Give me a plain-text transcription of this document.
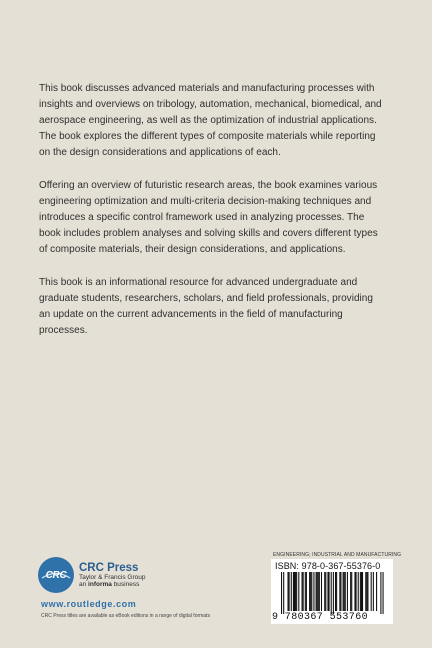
This book discusses advanced materials and manufacturing processes with insights and overviews on tribology, automation, mechanical, biomedical, and aerospace engineering, as well as the optimization of industrial applications. The book explores the different types of composite materials while reporting on the design considerations and applications of each.

Offering an overview of futuristic research areas, the book examines various engineering optimization and multi-criteria decision-making techniques and introduces a specific control framework used in analyzing processes. The book includes problem analyses and solving skills and covers different types of composite materials, their design considerations, and applications.

This book is an informational resource for advanced undergraduate and graduate students, researchers, scholars, and field professionals, providing an update on the current advancements in the field of manufacturing processes.

CRC
CRC Press
Taylor & Francis Group
an informa business
www.routledge.com
CRC Press titles are available as eBook editions in a range of digital formats
ENGINEERING; INDUSTRIAL AND MANUFACTURING
ISBN: 978-0-367-55376-0
9 780367 553760
